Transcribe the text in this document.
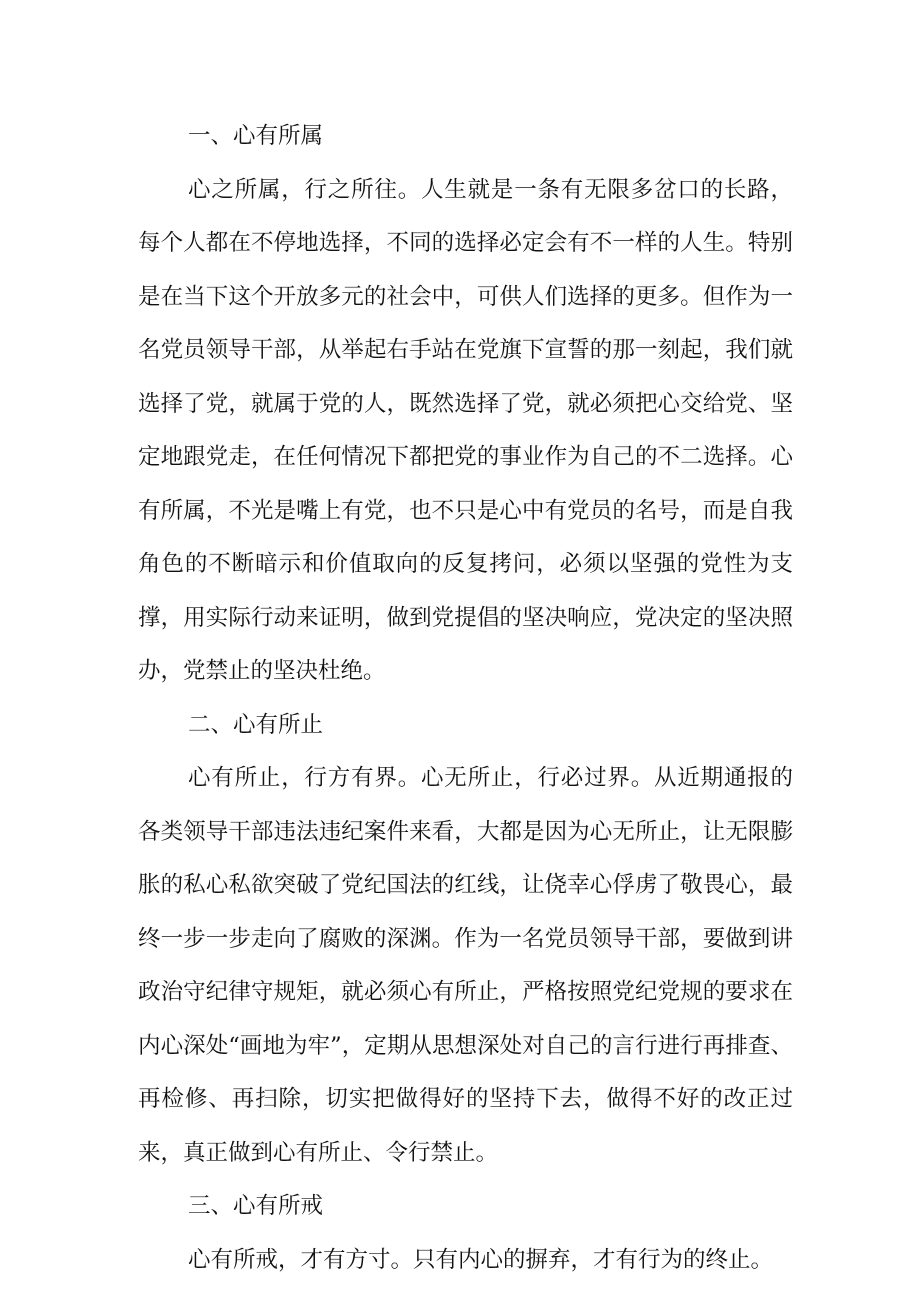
一、心有所属
心之所属，行之所往。人生就是一条有无限多岔口的长路，每个人都在不停地选择，不同的选择必定会有不一样的人生。特别是在当下这个开放多元的社会中，可供人们选择的更多。但作为一名党员领导干部，从举起右手站在党旗下宣誓的那一刻起，我们就选择了党，就属于党的人，既然选择了党，就必须把心交给党、坚定地跟党走，在任何情况下都把党的事业作为自己的不二选择。心有所属，不光是嘴上有党，也不只是心中有党员的名号，而是自我角色的不断暗示和价值取向的反复拷问，必须以坚强的党性为支撑，用实际行动来证明，做到党提倡的坚决响应，党决定的坚决照办，党禁止的坚决杜绝。
二、心有所止
心有所止，行方有界。心无所止，行必过界。从近期通报的各类领导干部违法违纪案件来看，大都是因为心无所止，让无限膨胀的私心私欲突破了党纪国法的红线，让侥幸心俘虏了敬畏心，最终一步一步走向了腐败的深渊。作为一名党员领导干部，要做到讲政治守纪律守规矩，就必须心有所止，严格按照党纪党规的要求在内心深处“画地为牢”，定期从思想深处对自己的言行进行再排查、再检修、再扫除，切实把做得好的坚持下去，做得不好的改正过来，真正做到心有所止、令行禁止。
三、心有所戒
心有所戒，才有方寸。只有内心的摒弃，才有行为的终止。
